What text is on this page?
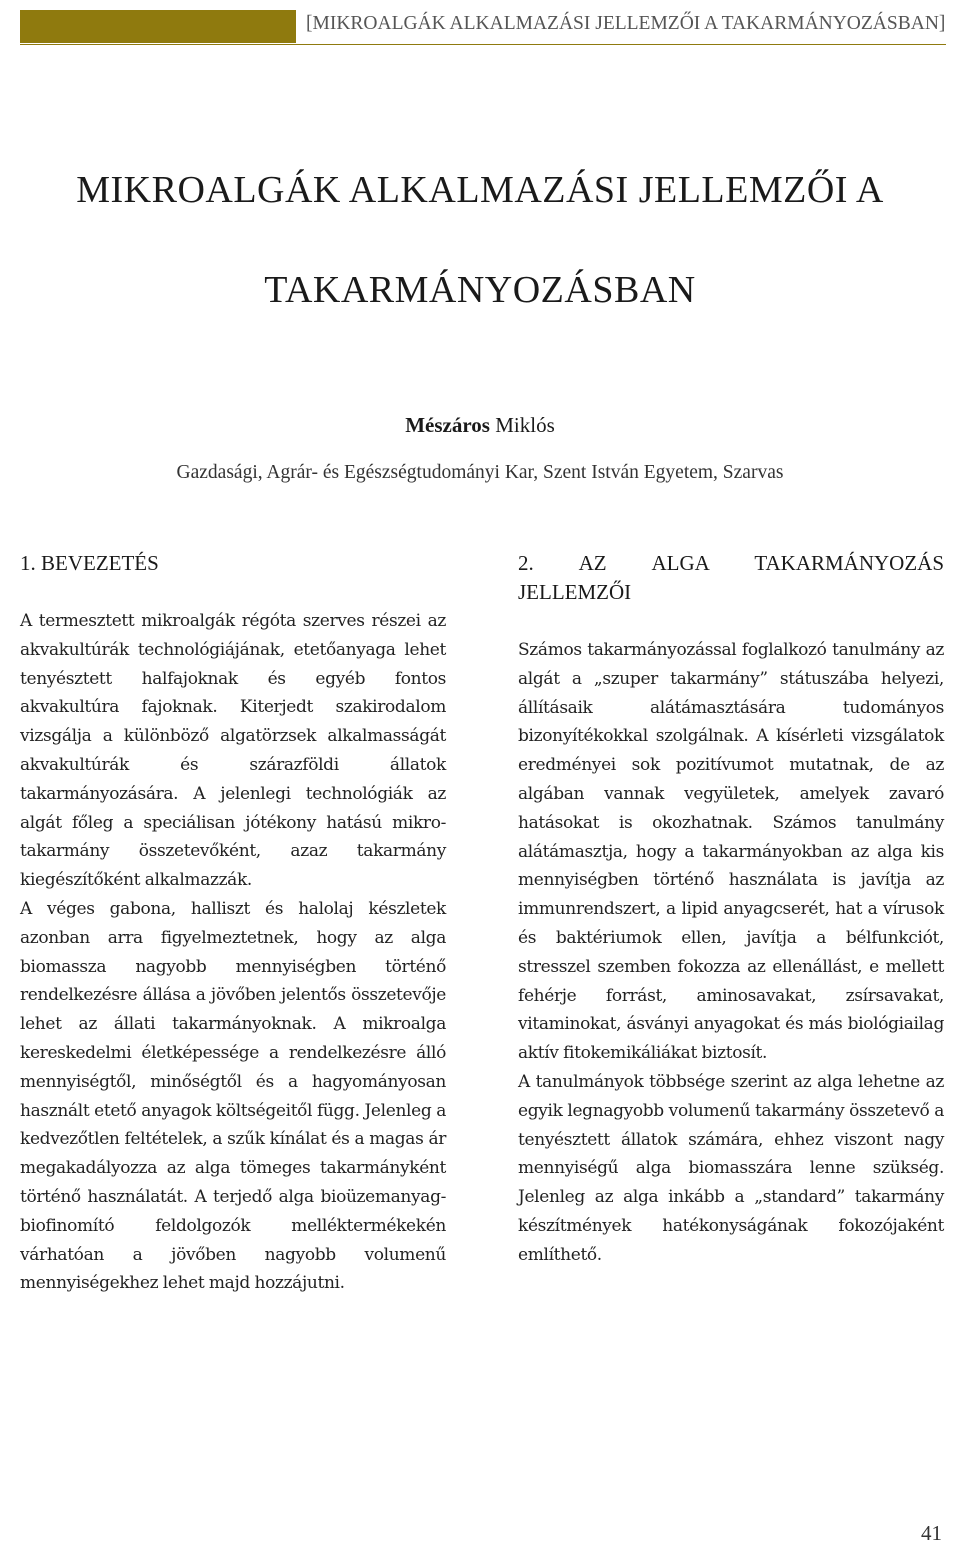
[MIKROALGÁK ALKALMAZÁSI JELLEMZŐI A TAKARMÁNYOZÁSBAN]
MIKROALGÁK ALKALMAZÁSI JELLEMZŐI A
TAKARMÁNYOZÁSBAN
Mészáros Miklós
Gazdasági, Agrár- és Egészségtudományi Kar, Szent István Egyetem, Szarvas
1. BEVEZETÉS

A termesztett mikroalgák régóta szerves részei az akvakultúrák technológiájának, etetőanyaga lehet tenyésztett halfajoknak és egyéb fontos akvakultúra fajoknak. Kiterjedt szakirodalom vizsgálja a különböző algatörzsek alkalmasságát akvakultúrák és szárazföldi állatok takarmányozására. A jelenlegi technológiák az algát főleg a speciálisan jótékony hatású mikro-takarmány összetevőként, azaz takarmány kiegészítőként alkalmazzák.

A véges gabona, halliszt és halolaj készletek azonban arra figyelmeztetnek, hogy az alga biomassza nagyobb mennyiségben történő rendelkezésre állása a jövőben jelentős összetevője lehet az állati takarmányoknak. A mikroalga kereskedelmi életképessége a rendelkezésre álló mennyiségtől, minőségtől és a hagyományosan használt etető anyagok költségeitől függ. Jelenleg a kedvezőtlen feltételek, a szűk kínálat és a magas ár megakadályozza az alga tömeges takarmányként történő használatát. A terjedő alga bioüzemanyag-biofinomító feldolgozók melléktermékekén várhatóan a jövőben nagyobb volumenű mennyiségekhez lehet majd hozzájutni.

2. AZ ALGA TAKARMÁNYOZÁS JELLEMZŐI

Számos takarmányozással foglalkozó tanulmány az algát a „szuper takarmány” státuszába helyezi, állításaik alátámasztására tudományos bizonyítékokkal szolgálnak. A kísérleti vizsgálatok eredményei sok pozitívumot mutatnak, de az algában vannak vegyületek, amelyek zavaró hatásokat is okozhatnak. Számos tanulmány alátámasztja, hogy a takarmányokban az alga kis mennyiségben történő használata is javítja az immunrendszert, a lipid anyagcserét, hat a vírusok és baktériumok ellen, javítja a bélfunkciót, stresszel szemben fokozza az ellenállást, e mellett fehérje forrást, aminosavakat, zsírsavakat, vitaminokat, ásványi anyagokat és más biológiailag aktív fitokemikáliákat biztosít.

A tanulmányok többsége szerint az alga lehetne az egyik legnagyobb volumenű takarmány összetevő a tenyésztett állatok számára, ehhez viszont nagy mennyiségű alga biomasszára lenne szükség. Jelenleg az alga inkább a „standard” takarmány készítmények hatékonyságának fokozójaként említhető.

41
